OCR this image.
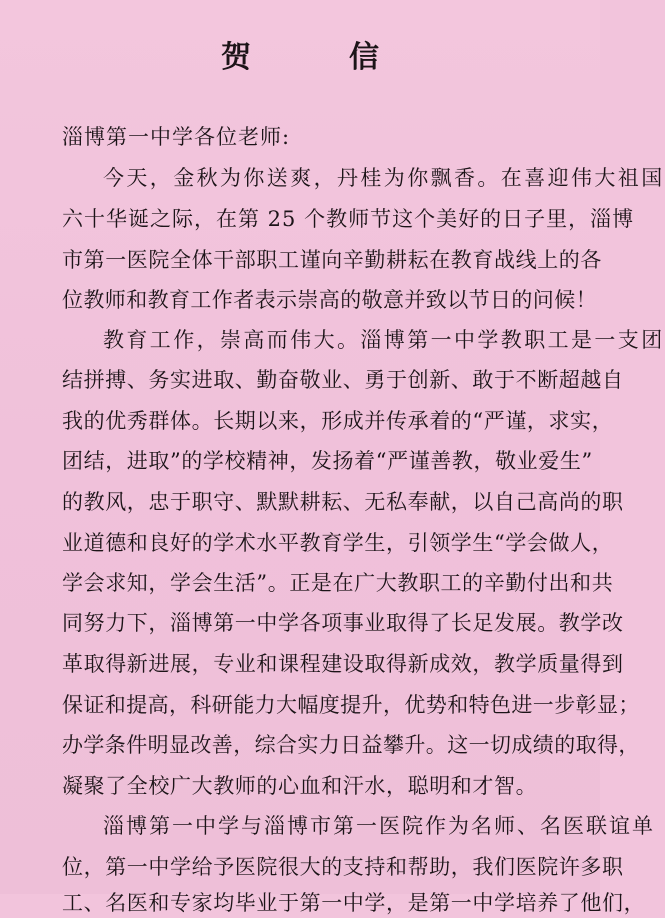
贺　信
淄博第一中学各位老师:
今天，金秋为你送爽，丹桂为你飘香。在喜迎伟大祖国
六十华诞之际，在第 25 个教师节这个美好的日子里，淄博
市第一医院全体干部职工谨向辛勤耕耘在教育战线上的各
位教师和教育工作者表示崇高的敬意并致以节日的问候！
教育工作，崇高而伟大。淄博第一中学教职工是一支团
结拼搏、务实进取、勤奋敬业、勇于创新、敢于不断超越自
我的优秀群体。长期以来，形成并传承着的“严谨，求实，
团结，进取”的学校精神，发扬着“严谨善教，敬业爱生”
的教风，忠于职守、默默耕耘、无私奉献，以自己高尚的职
业道德和良好的学术水平教育学生，引领学生“学会做人，
学会求知，学会生活”。正是在广大教职工的辛勤付出和共
同努力下，淄博第一中学各项事业取得了长足发展。教学改
革取得新进展，专业和课程建设取得新成效，教学质量得到
保证和提高，科研能力大幅度提升，优势和特色进一步彰显；
办学条件明显改善，综合实力日益攀升。这一切成绩的取得，
凝聚了全校广大教师的心血和汗水，聪明和才智。
淄博第一中学与淄博市第一医院作为名师、名医联谊单
位，第一中学给予医院很大的支持和帮助，我们医院许多职
工、名医和专家均毕业于第一中学，是第一中学培养了他们，
